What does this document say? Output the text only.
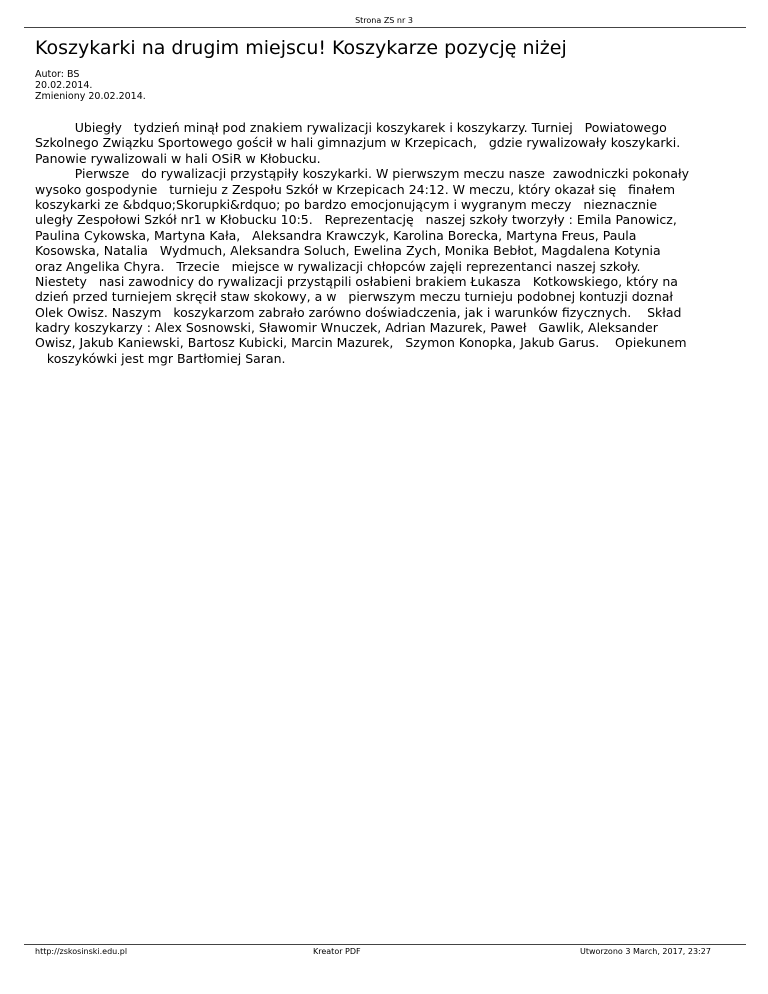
Strona ZS nr 3
Koszykarki na drugim miejscu! Koszykarze pozycję niżej
Autor: BS
20.02.2014.
Zmieniony 20.02.2014.
Ubiegły   tydzień minął pod znakiem rywalizacji koszykarek i koszykarzy. Turniej   Powiatowego
Szkolnego Związku Sportowego gościł w hali gimnazjum w Krzepicach,   gdzie rywalizowały koszykarki.
Panowie rywalizowali w hali OSiR w Kłobucku.
Pierwsze   do rywalizacji przystąpiły koszykarki. W pierwszym meczu nasze  zawodniczki pokonały
wysoko gospodynie   turnieju z Zespołu Szkół w Krzepicach 24:12. W meczu, który okazał się   finałem
koszykarki ze &bdquo;Skorupki&rdquo; po bardzo emocjonującym i wygranym meczy   nieznacznie
uległy Zespołowi Szkół nr1 w Kłobucku 10:5.   Reprezentację   naszej szkoły tworzyły : Emila Panowicz,
Paulina Cykowska, Martyna Kała,   Aleksandra Krawczyk, Karolina Borecka, Martyna Freus, Paula
Kosowska, Natalia   Wydmuch, Aleksandra Soluch, Ewelina Zych, Monika Bebłot, Magdalena Kotynia
oraz Angelika Chyra.   Trzecie   miejsce w rywalizacji chłopców zajęli reprezentanci naszej szkoły.
Niestety   nasi zawodnicy do rywalizacji przystąpili osłabieni brakiem Łukasza   Kotkowskiego, który na
dzień przed turniejem skręcił staw skokowy, a w   pierwszym meczu turnieju podobnej kontuzji doznał
Olek Owisz. Naszym   koszykarzom zabrało zarówno doświadczenia, jak i warunków fizycznych.    Skład
kadry koszykarzy : Alex Sosnowski, Sławomir Wnuczek, Adrian Mazurek, Paweł   Gawlik, Aleksander
Owisz, Jakub Kaniewski, Bartosz Kubicki, Marcin Mazurek,   Szymon Konopka, Jakub Garus.    Opiekunem
koszykówki jest mgr Bartłomiej Saran.
http://zskosinski.edu.pl	Kreator PDF	Utworzono 3 March, 2017, 23:27
